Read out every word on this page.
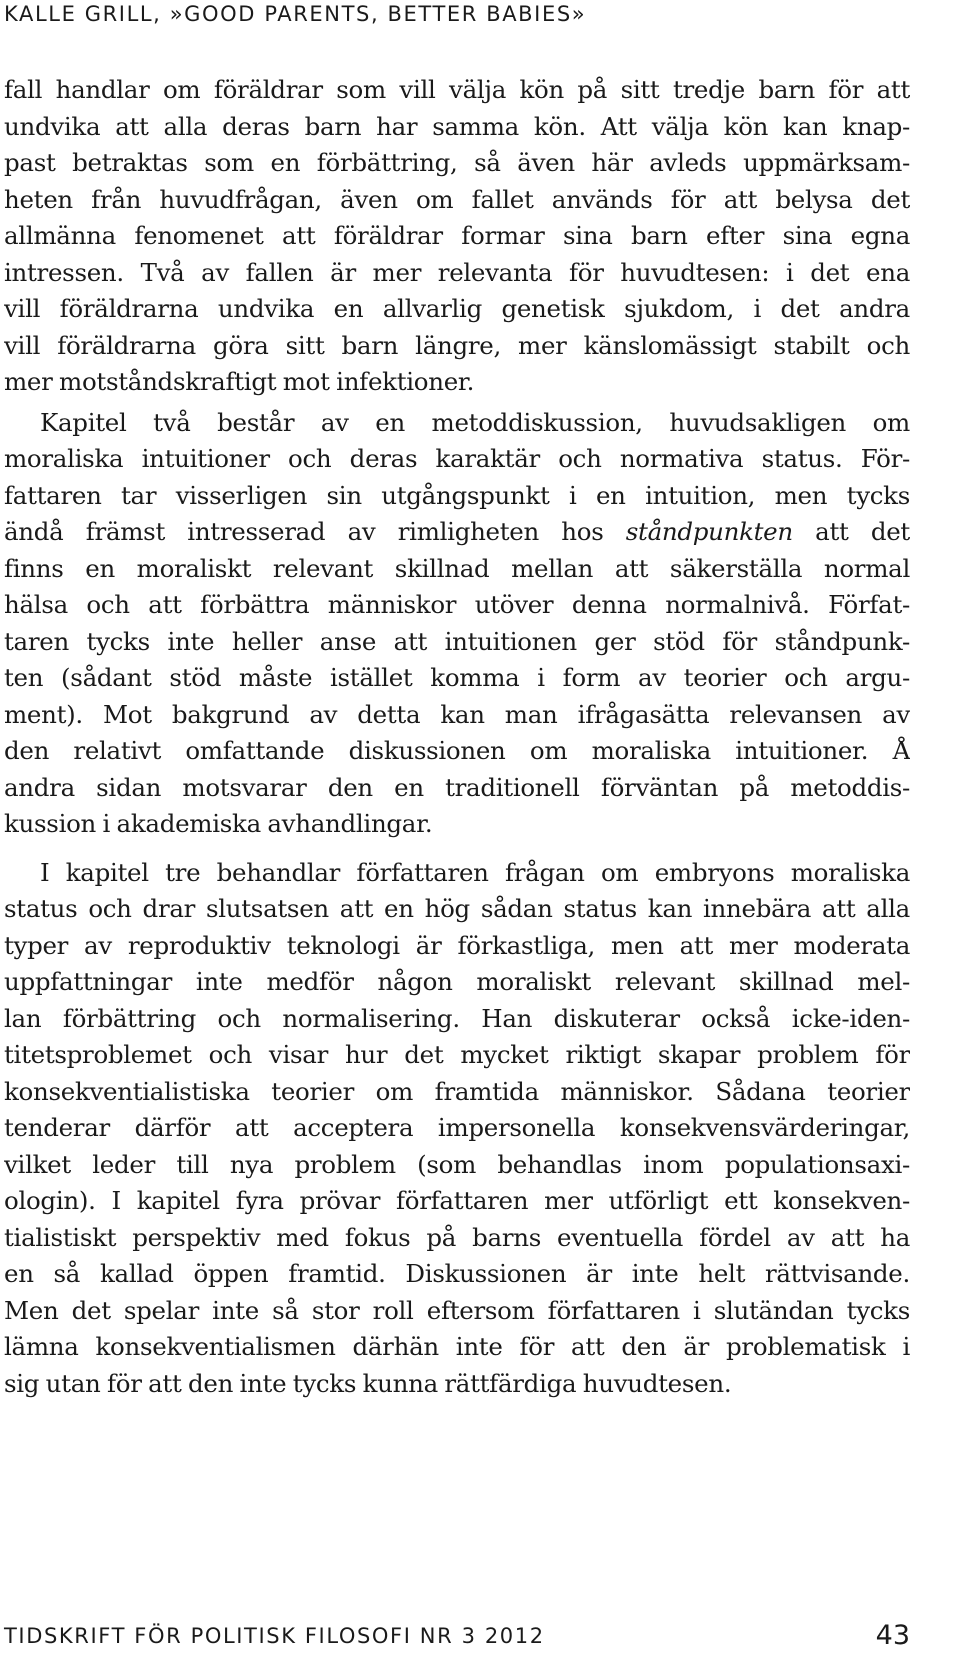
KALLE GRILL, »GOOD PARENTS, BETTER BABIES»
fall handlar om föräldrar som vill välja kön på sitt tredje barn för att
undvika att alla deras barn har samma kön. Att välja kön kan knap-
past betraktas som en förbättring, så även här avleds uppmärksam-
heten från huvudfrågan, även om fallet används för att belysa det
allmänna fenomenet att föräldrar formar sina barn efter sina egna
intressen. Två av fallen är mer relevanta för huvudtesen: i det ena
vill föräldrarna undvika en allvarlig genetisk sjukdom, i det andra
vill föräldrarna göra sitt barn längre, mer känslomässigt stabilt och
mer motståndskraftigt mot infektioner.
Kapitel två består av en metoddiskussion, huvudsakligen om
moraliska intuitioner och deras karaktär och normativa status. För-
fattaren tar visserligen sin utgångspunkt i en intuition, men tycks
ändå främst intresserad av rimligheten hos ståndpunkten att det
finns en moraliskt relevant skillnad mellan att säkerställa normal
hälsa och att förbättra människor utöver denna normalnivå. Förfat-
taren tycks inte heller anse att intuitionen ger stöd för ståndpunk-
ten (sådant stöd måste istället komma i form av teorier och argu-
ment). Mot bakgrund av detta kan man ifrågasätta relevansen av
den relativt omfattande diskussionen om moraliska intuitioner. Å
andra sidan motsvarar den en traditionell förväntan på metoddis-
kussion i akademiska avhandlingar.
I kapitel tre behandlar författaren frågan om embryons moraliska
status och drar slutsatsen att en hög sådan status kan innebära att alla
typer av reproduktiv teknologi är förkastliga, men att mer moderata
uppfattningar inte medför någon moraliskt relevant skillnad mel-
lan förbättring och normalisering. Han diskuterar också icke-iden-
titetsproblemet och visar hur det mycket riktigt skapar problem för
konsekventialistiska teorier om framtida människor. Sådana teorier
tenderar därför att acceptera impersonella konsekvensvärderingar,
vilket leder till nya problem (som behandlas inom populationsaxi-
ologin). I kapitel fyra prövar författaren mer utförligt ett konsekven-
tialistiskt perspektiv med fokus på barns eventuella fördel av att ha
en så kallad öppen framtid. Diskussionen är inte helt rättvisande.
Men det spelar inte så stor roll eftersom författaren i slutändan tycks
lämna konsekventialismen därhän inte för att den är problematisk i
sig utan för att den inte tycks kunna rättfärdiga huvudtesen.
TIDSKRIFT FÖR POLITISK FILOSOFI NR 3 2012	43
